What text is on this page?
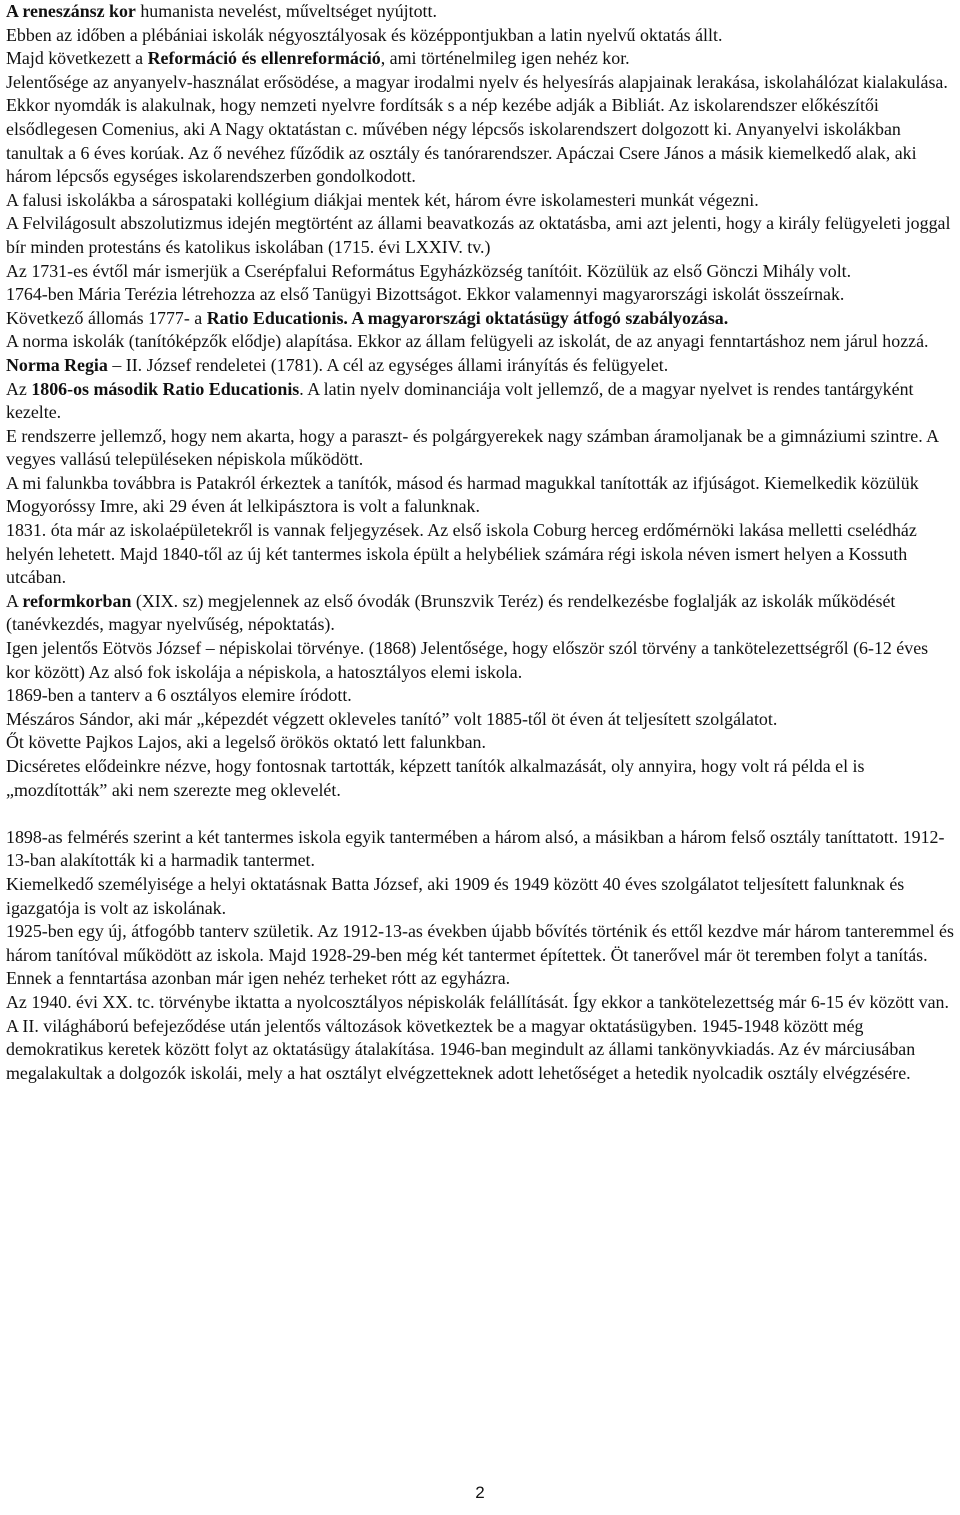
A reneszánsz kor humanista nevelést, műveltséget nyújtott.

Ebben az időben a plébániai iskolák négyosztályosak és középpontjukban a latin nyelvű oktatás állt.

Majd következett a Reformáció és ellenreformáció, ami történelmileg igen nehéz kor.

Jelentősége az anyanyelv-használat erősödése, a magyar irodalmi nyelv és helyesírás alapjainak lerakása, iskolahálózat kialakulása. Ekkor nyomdák is alakulnak, hogy nemzeti nyelvre fordítsák s a nép kezébe adják a Bibliát. Az iskolarendszer előkészítői elsődlegesen Comenius, aki A Nagy oktatástan c. művében négy lépcsős iskolarendszert dolgozott ki. Anyanyelvi iskolákban tanultak a 6 éves korúak. Az ő nevéhez fűződik az osztály és tanórarendszer. Apáczai Csere János a másik kiemelkedő alak, aki három lépcsős egységes iskolarendszerben gondolkodott.

A falusi iskolákba a sárospataki kollégium diákjai mentek két, három évre iskolamesteri munkát végezni.

A Felvilágosult abszolutizmus idején megtörtént az állami beavatkozás az oktatásba, ami azt jelenti, hogy a király felügyeleti joggal bír minden protestáns és katolikus iskolában (1715. évi LXXIV. tv.)

Az 1731-es évtől már ismerjük a Cserépfalui Református Egyházközség tanítóit. Közülük az első Gönczi Mihály volt.

1764-ben Mária Terézia létrehozza az első Tanügyi Bizottságot. Ekkor valamennyi magyarországi iskolát összeírnak.

Következő állomás 1777- a Ratio Educationis. A magyarországi oktatásügy átfogó szabályozása.

A norma iskolák (tanítóképzők elődje) alapítása. Ekkor az állam felügyeli az iskolát, de az anyagi fenntartáshoz nem járul hozzá.

Norma Regia – II. József rendeletei (1781). A cél az egységes állami irányítás és felügyelet.

Az 1806-os második Ratio Educationis. A latin nyelv dominanciája volt jellemző, de a magyar nyelvet is rendes tantárgyként kezelte.

E rendszerre jellemző, hogy nem akarta, hogy a paraszt- és polgárgyerekek nagy számban áramoljanak be a gimnáziumi szintre. A vegyes vallású településeken népiskola működött.

A mi falunkba továbbra is Patakról érkeztek a tanítók, másod és harmad magukkal tanították az ifjúságot. Kiemelkedik közülük Mogyoróssy Imre, aki 29 éven át lelkipásztora is volt a falunknak.

1831. óta már az iskolaépületekről is vannak feljegyzések. Az első iskola Coburg herceg erdőmérnöki lakása melletti cselédház helyén lehetett. Majd 1840-től az új két tantermes iskola épült a helybéliek számára régi iskola néven ismert helyen a Kossuth utcában.

A reformkorban (XIX. sz) megjelennek az első óvodák (Brunszvik Teréz) és rendelkezésbe foglalják az iskolák működését (tanévkezdés, magyar nyelvűség, népoktatás).

Igen jelentős Eötvös József – népiskolai törvénye. (1868) Jelentősége, hogy először szól törvény a tankötelezettségről (6-12 éves kor között) Az alsó fok iskolája a népiskola, a hatosztályos elemi iskola.

1869-ben a tanterv a 6 osztályos elemire íródott.

Mészáros Sándor, aki már „képezdét végzett okleveles tanító” volt 1885-től öt éven át teljesített szolgálatot.

Őt követte Pajkos Lajos, aki a legelső örökös oktató lett falunkban.

Dicséretes elődeinkre nézve, hogy fontosnak tartották, képzett tanítók alkalmazását, oly annyira, hogy volt rá példa el is „mozdították” aki nem szerezte meg oklevelét.

1898-as felmérés szerint a két tantermes iskola egyik tantermében a három alsó, a másikban a három felső osztály taníttatott. 1912-13-ban alakították ki a harmadik tantermet.

Kiemelkedő személyisége a helyi oktatásnak Batta József, aki 1909 és 1949 között 40 éves szolgálatot teljesített falunknak és igazgatója is volt az iskolának.

1925-ben egy új, átfogóbb tanterv születik. Az 1912-13-as években újabb bővítés történik és ettől kezdve már három tanteremmel és három tanítóval működött az iskola. Majd 1928-29-ben még két tantermet építettek. Öt tanerővel már öt teremben folyt a tanítás. Ennek a fenntartása azonban már igen nehéz terheket rótt az egyházra.

Az 1940. évi XX. tc. törvénybe iktatta a nyolcosztályos népiskolák felállítását. Így ekkor a tankötelezettség már 6-15 év között van.

A II. világháború befejeződése után jelentős változások következtek be a magyar oktatásügyben. 1945-1948 között még demokratikus keretek között folyt az oktatásügy átalakítása. 1946-ban megindult az állami tankönyvkiadás. Az év márciusában megalakultak a dolgozók iskolái, mely a hat osztályt elvégzetteknek adott lehetőséget a hetedik nyolcadik osztály elvégzésére.

2
